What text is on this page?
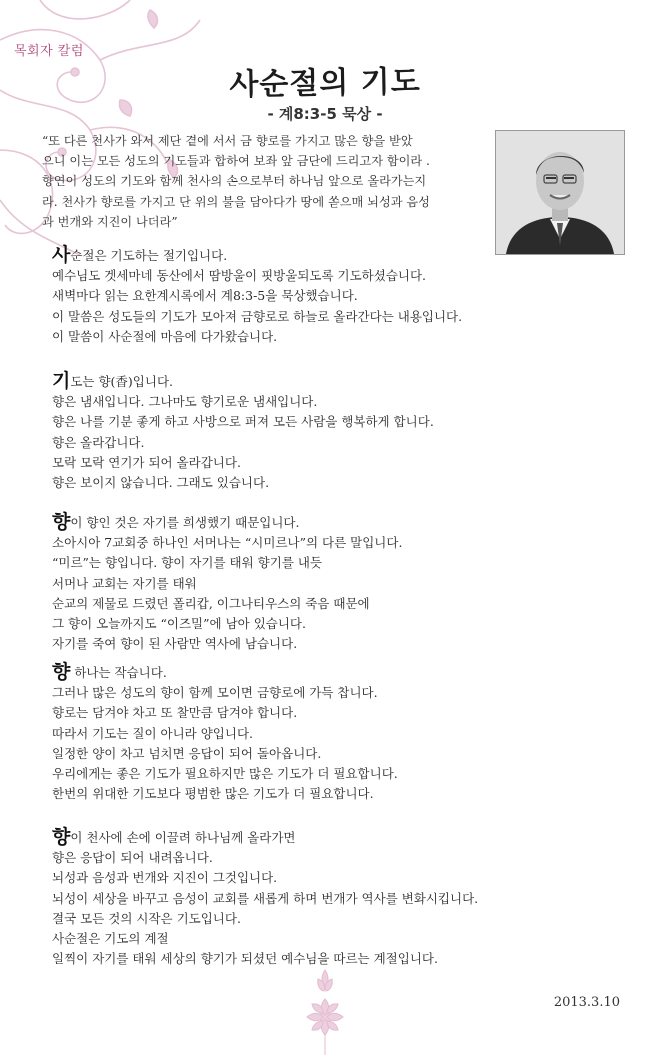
목회자 칼럼
사순절의 기도
- 계8:3-5 묵상 -

“또 다른 천사가 와서 제단 곁에 서서 금 향로를 가지고 많은 향을 받았

으니 이는 모든 성도의 기도들과 합하여 보좌 앞 금단에 드리고자 함이라 .

향연이 성도의 기도와 함께 천사의 손으로부터 하나님 앞으로 올라가는지

라. 천사가 향로를 가지고 단 위의 불을 담아다가 땅에 쏟으매 뇌성과 음성

과 번개와 지진이 나더라”

사순절은 기도하는 절기입니다.

예수님도 겟세마네 동산에서 땀방울이 핏방울되도록 기도하셨습니다.

새벽마다 읽는 요한계시록에서 계8:3-5을 묵상했습니다.

이 말씀은 성도들의 기도가 모아져 금향로로 하늘로 올라간다는 내용입니다.

이 말씀이 사순절에 마음에 다가왔습니다.

기도는 향(香)입니다.

향은 냄새입니다. 그나마도 향기로운 냄새입니다.

향은 나를 기분 좋게 하고 사방으로 퍼져 모든 사람을 행복하게 합니다.

향은 올라갑니다.

모락 모락 연기가 되어 올라갑니다.

향은 보이지 않습니다. 그래도 있습니다.

향이 향인 것은 자기를 희생했기 때문입니다.

소아시아 7교회중 하나인 서머나는 “시미르나”의 다른 말입니다.

“미르”는 향입니다. 향이 자기를 태워 향기를 내듯

서머나 교회는 자기를 태워

순교의 제물로 드렸던 폴리캅, 이그나티우스의 죽음 때문에

그 향이 오늘까지도 “이즈밀”에 남아 있습니다.

자기를 죽여 향이 된 사람만 역사에 남습니다.

향 하나는 작습니다.

그러나 많은 성도의 향이 함께 모이면 금향로에 가득 찹니다.

향로는 담겨야 차고 또 찰만큼 담겨야 합니다.

따라서 기도는 질이 아니라 양입니다.

일정한 양이 차고 넘치면 응답이 되어 돌아옵니다.

우리에게는 좋은 기도가 필요하지만 많은 기도가 더 필요합니다.

한번의 위대한 기도보다 평범한 많은 기도가 더 필요합니다.

향이 천사에 손에 이끌려 하나님께 올라가면

향은 응답이 되어 내려옵니다.

뇌성과 음성과 번개와 지진이 그것입니다.

뇌성이 세상을 바꾸고 음성이 교회를 새롭게 하며 번개가 역사를 변화시킵니다.

결국 모든 것의 시작은 기도입니다.

사순절은 기도의 계절

일찍이 자기를 태워 세상의 향기가 되셨던 예수님을 따르는 계절입니다.

2013.3.10
